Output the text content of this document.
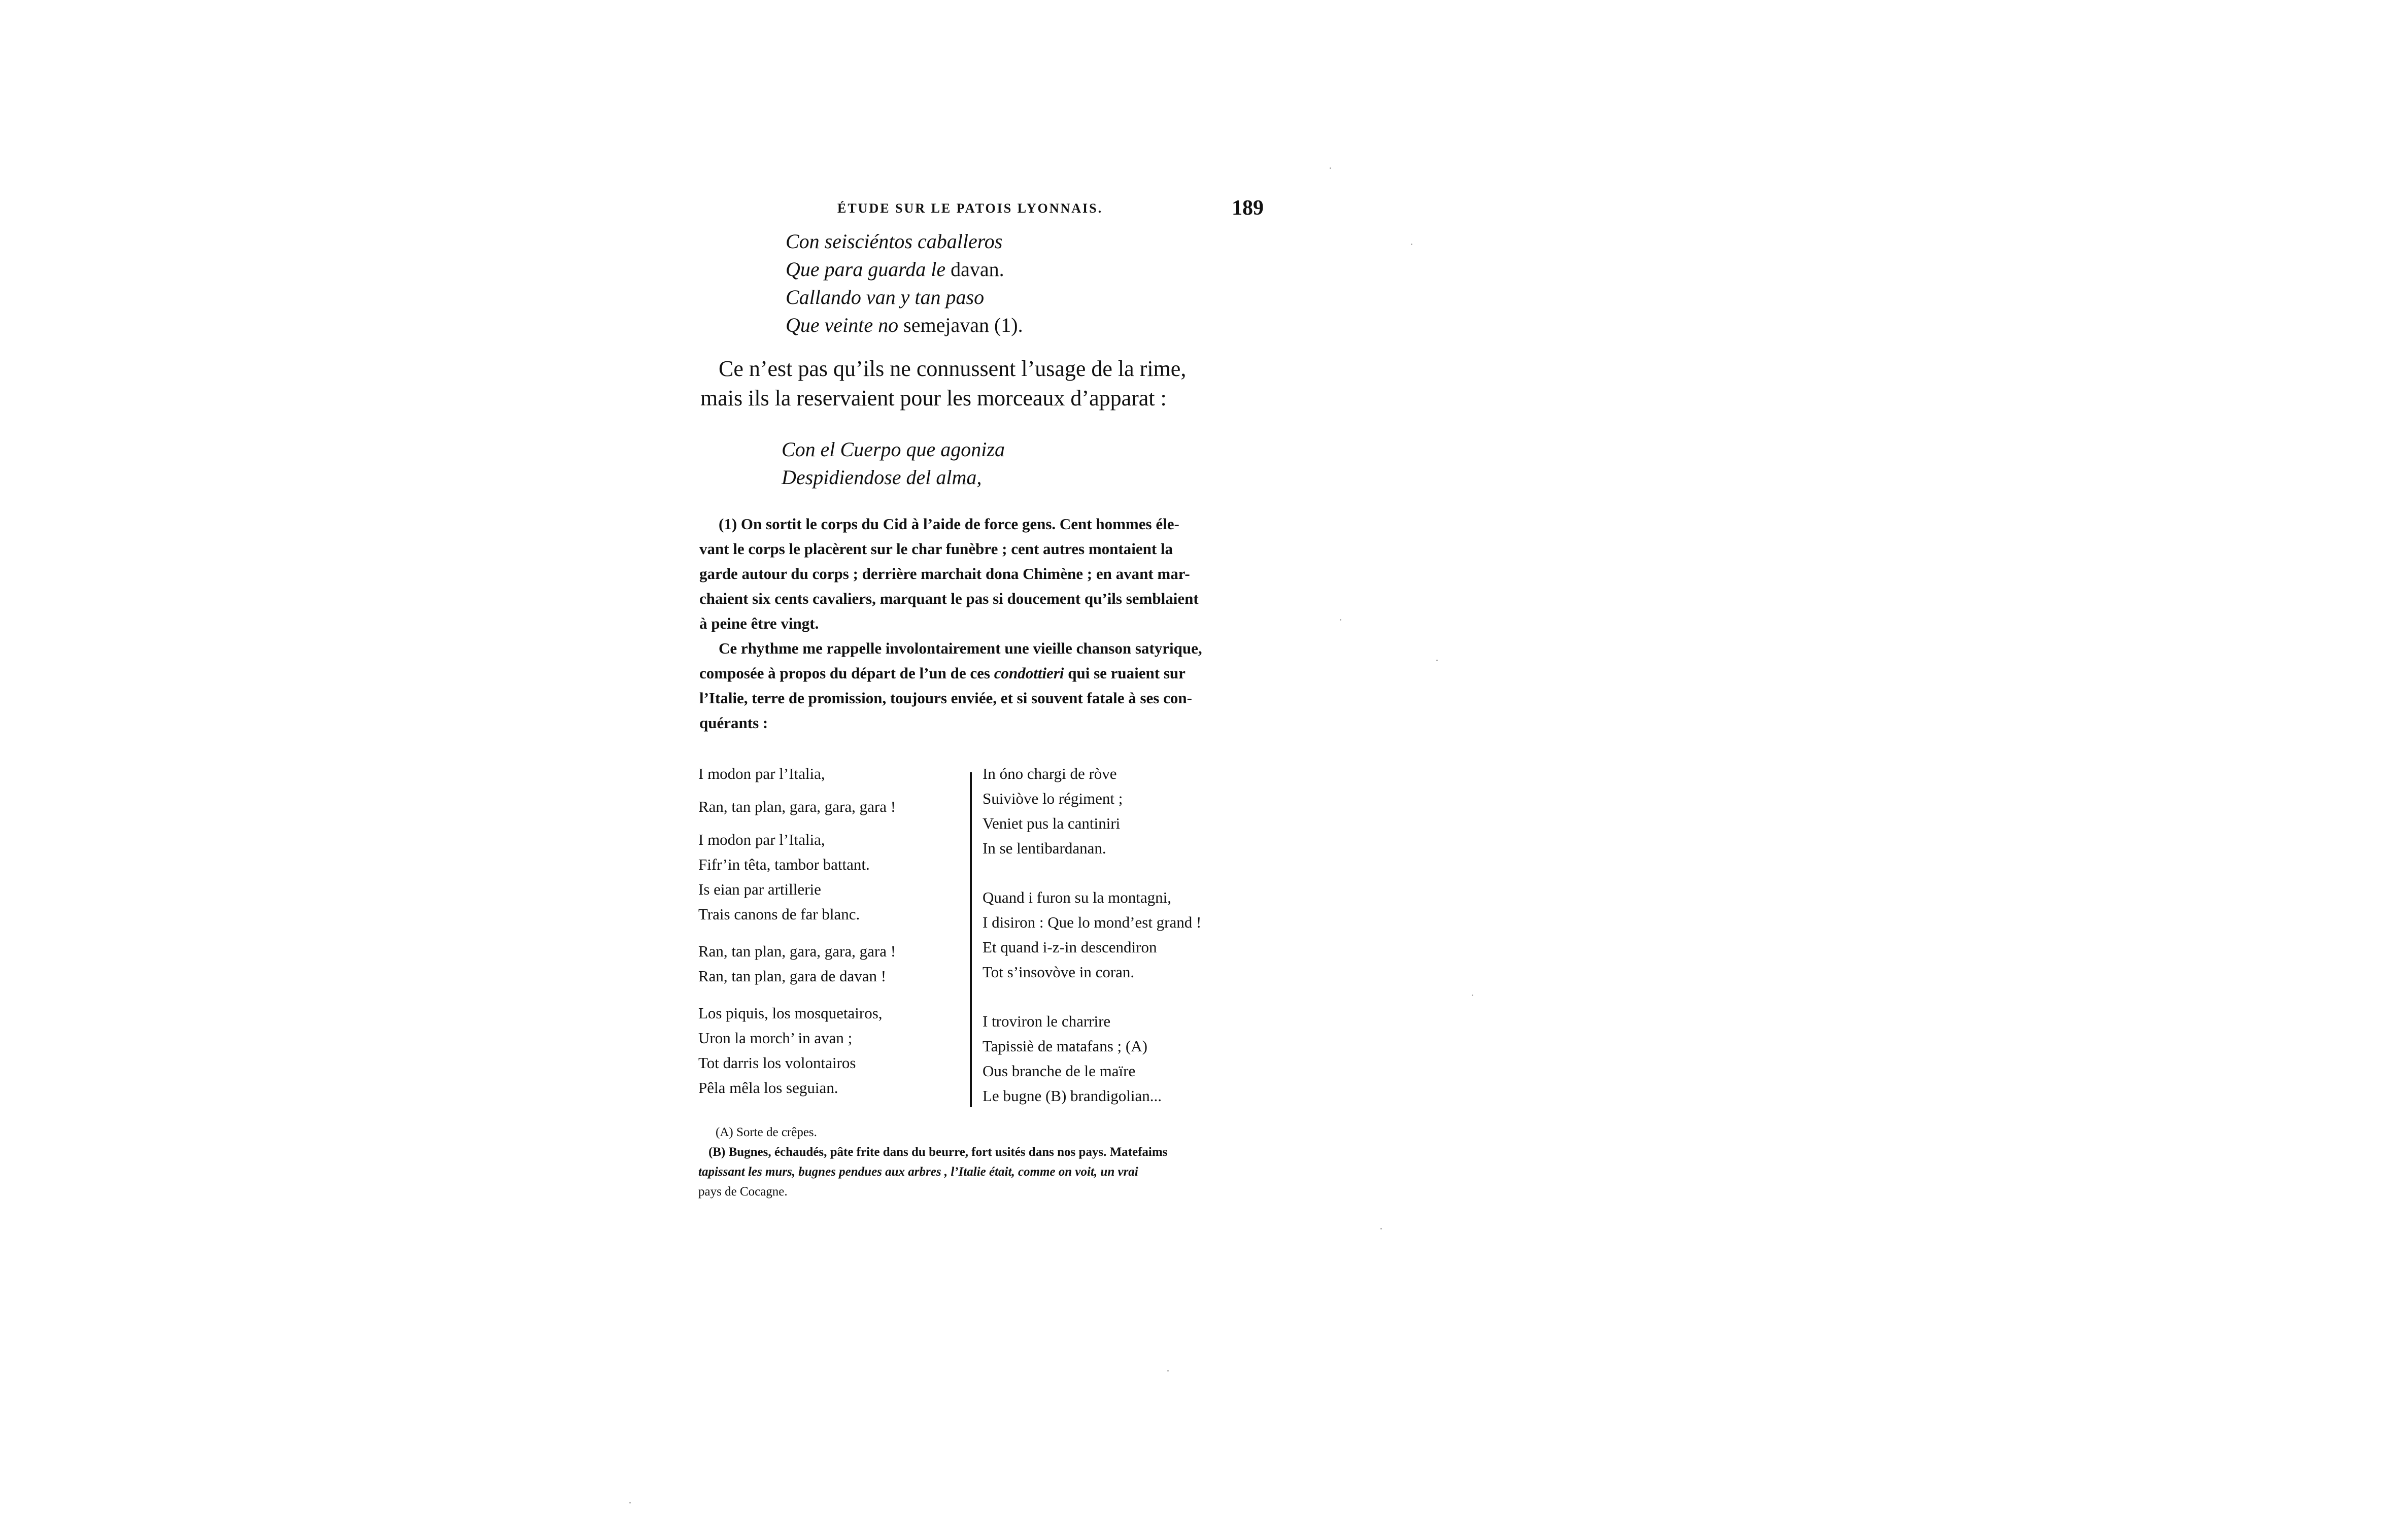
ÉTUDE SUR LE PATOIS LYONNAIS.	189
Con seisciéntos caballeros
Que para guarda le davan.
Callando van y tan paso
Que veinte no semejavan (1).
Ce n’est pas qu’ils ne connussent l’usage de la rime,
mais ils la reservaient pour les morceaux d’apparat :
Con el Cuerpo que agoniza
Despidiendose del alma,
(1) On sortit le corps du Cid à l’aide de force gens. Cent hommes éle-
vant le corps le placèrent sur le char funèbre ; cent autres montaient la
garde autour du corps ; derrière marchait dona Chimène ; en avant mar-
chaient six cents cavaliers, marquant le pas si doucement qu’ils semblaient
à peine être vingt.
Ce rhythme me rappelle involontairement une vieille chanson satyrique,
composée à propos du départ de l’un de ces condottieri qui se ruaient sur
l’Italie, terre de promission, toujours enviée, et si souvent fatale à ses con-
quérants :
I modon par l’Italia,
Ran, tan plan, gara, gara, gara !
I modon par l’Italia,
Fifr’in têta, tambor battant.
Is eian par artillerie
Trais canons de far blanc.
Ran, tan plan, gara, gara, gara !
Ran, tan plan, gara de davan !
Los piquis, los mosquetairos,
Uron la morch’ in avan ;
Tot darris los volontairos
Pêla mêla los seguian.
In óno chargi de ròve
Suiviòve lo régiment ;
Veniet pus la cantiniri
In se lentibardanan.
Quand i furon su la montagni,
I disiron : Que lo mond’est grand !
Et quand i-z-in descendiron
Tot s’insovòve in coran.
I troviron le charrire
Tapissiè de matafans ; (A)
Ous branche de le maïre
Le bugne (B) brandigolian...
(A) Sorte de crêpes.
(B) Bugnes, échaudés, pâte frite dans du beurre, fort usités dans nos pays. Matefaims
tapissant les murs, bugnes pendues aux arbres , l’Italie était, comme on voit, un vrai
pays de Cocagne.
